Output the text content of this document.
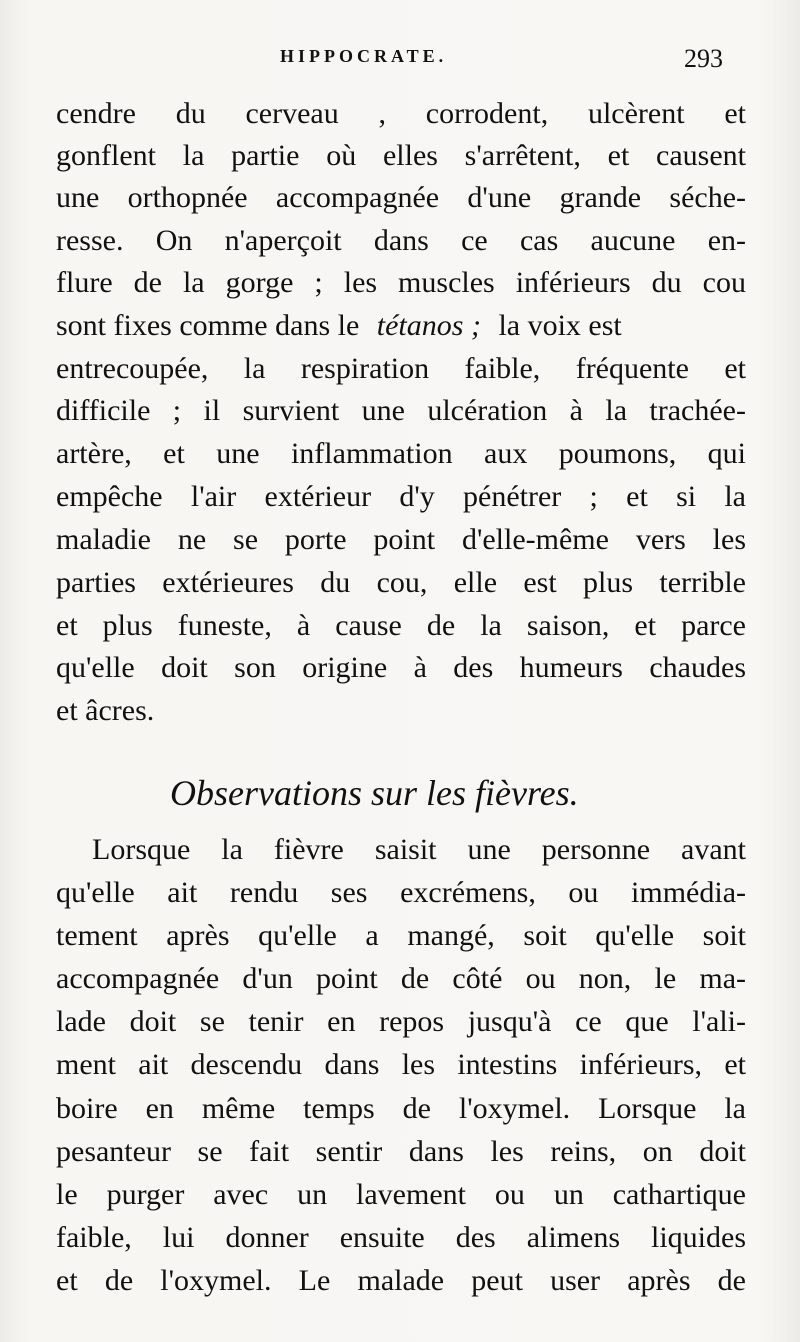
HIPPOCRATE.	293
cendre du cerveau , corrodent, ulcèrent et
gonflent la partie où elles s'arrêtent, et causent
une orthopnée accompagnée d'une grande séche-
resse. On n'aperçoit dans ce cas aucune en-
flure de la gorge ; les muscles inférieurs du cou
sont fixes comme dans le tétanos ; la voix est
entrecoupée, la respiration faible, fréquente et
difficile ; il survient une ulcération à la trachée-
artère, et une inflammation aux poumons, qui
empêche l'air extérieur d'y pénétrer ; et si la
maladie ne se porte point d'elle-même vers les
parties extérieures du cou, elle est plus terrible
et plus funeste, à cause de la saison, et parce
qu'elle doit son origine à des humeurs chaudes
et âcres.
Observations sur les fièvres.
Lorsque la fièvre saisit une personne avant
qu'elle ait rendu ses excrémens, ou immédia-
tement après qu'elle a mangé, soit qu'elle soit
accompagnée d'un point de côté ou non, le ma-
lade doit se tenir en repos jusqu'à ce que l'ali-
ment ait descendu dans les intestins inférieurs, et
boire en même temps de l'oxymel. Lorsque la
pesanteur se fait sentir dans les reins, on doit
le purger avec un lavement ou un cathartique
faible, lui donner ensuite des alimens liquides
et de l'oxymel. Le malade peut user après de
